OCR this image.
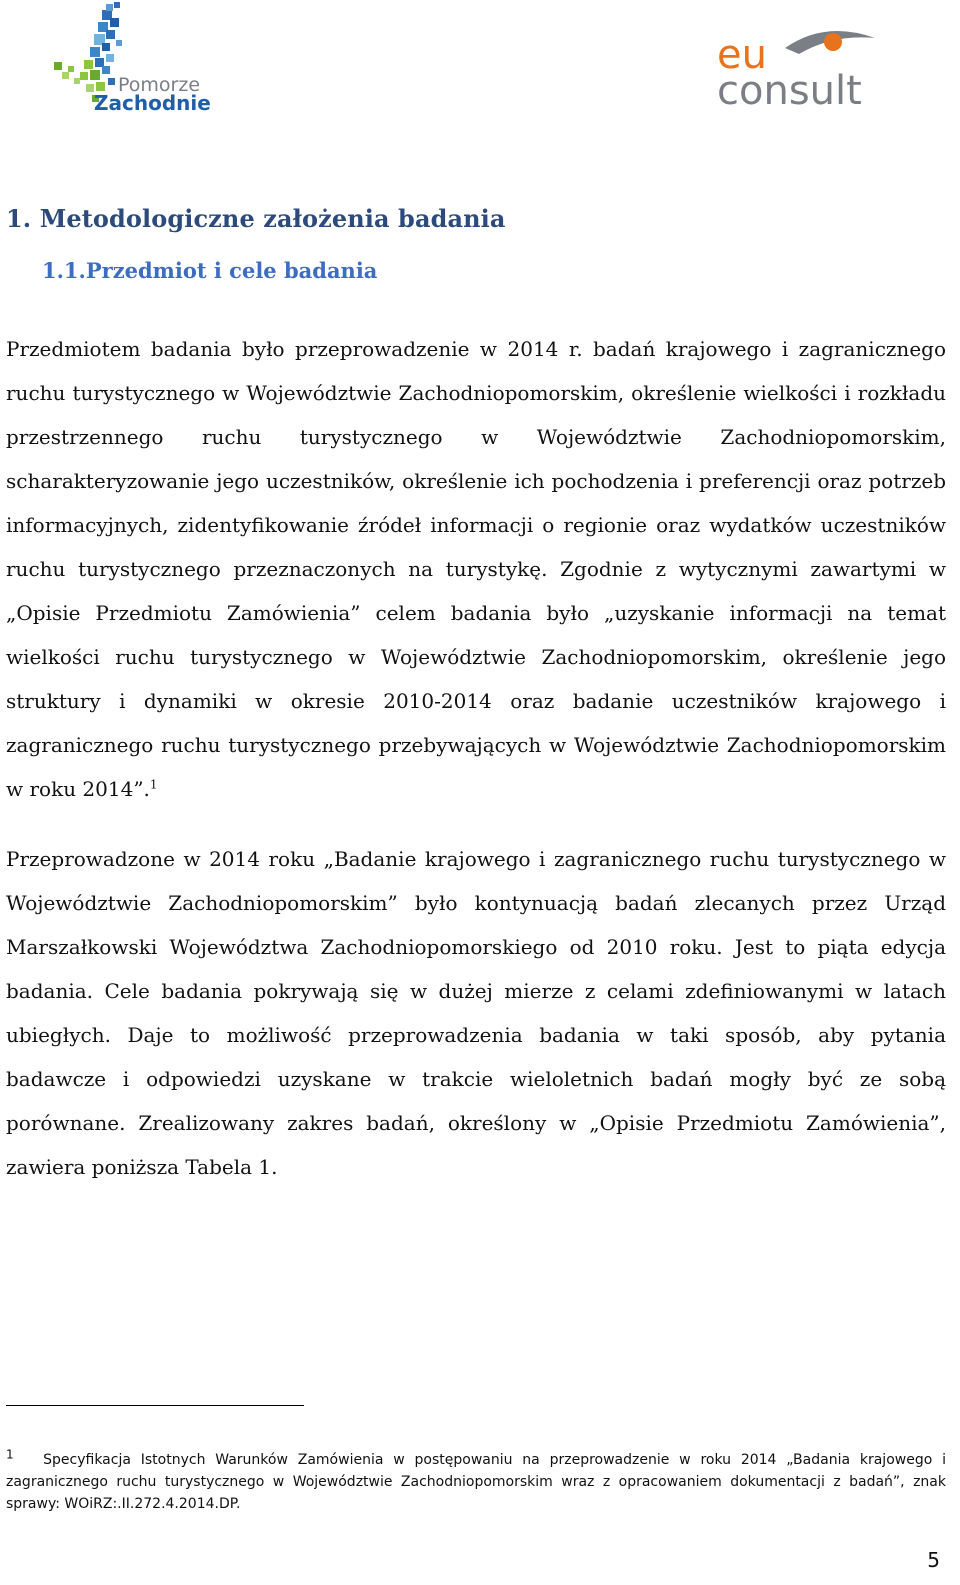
Pomorze
Zachodnie
eu
consult
1. Metodologiczne założenia badania
1.1.Przedmiot i cele badania

Przedmiotem badania było przeprowadzenie w 2014 r. badań krajowego i zagranicznego ruchu turystycznego w Województwie Zachodniopomorskim, określenie wielkości i rozkładu przestrzennego ruchu turystycznego w Województwie Zachodniopomorskim, scharakteryzowanie jego uczestników, określenie ich pochodzenia i preferencji oraz potrzeb informacyjnych, zidentyfikowanie źródeł informacji o regionie oraz wydatków uczestników ruchu turystycznego przeznaczonych na turystykę. Zgodnie z wytycznymi zawartymi w „Opisie Przedmiotu Zamówienia” celem badania było „uzyskanie informacji na temat wielkości ruchu turystycznego w Województwie Zachodniopomorskim, określenie jego struktury i dynamiki w okresie 2010-2014 oraz badanie uczestników krajowego i zagranicznego ruchu turystycznego przebywających w Województwie Zachodniopomorskim w roku 2014”.$^1$

Przeprowadzone w 2014 roku „Badanie krajowego i zagranicznego ruchu turystycznego w Województwie Zachodniopomorskim” było kontynuacją badań zlecanych przez Urząd Marszałkowski Województwa Zachodniopomorskiego od 2010 roku. Jest to piąta edycja badania. Cele badania pokrywają się w dużej mierze z celami zdefiniowanymi w latach ubiegłych. Daje to możliwość przeprowadzenia badania w taki sposób, aby pytania badawcze i odpowiedzi uzyskane w trakcie wieloletnich badań mogły być ze sobą porównane. Zrealizowany zakres badań, określony w „Opisie Przedmiotu Zamówienia”, zawiera poniższa Tabela 1.

$^1$ Specyfikacja Istotnych Warunków Zamówienia w postępowaniu na przeprowadzenie w roku 2014 „Badania krajowego i zagranicznego ruchu turystycznego w Województwie Zachodniopomorskim wraz z opracowaniem dokumentacji z badań”, znak sprawy: WOiRZ:.II.272.4.2014.DP.

5
